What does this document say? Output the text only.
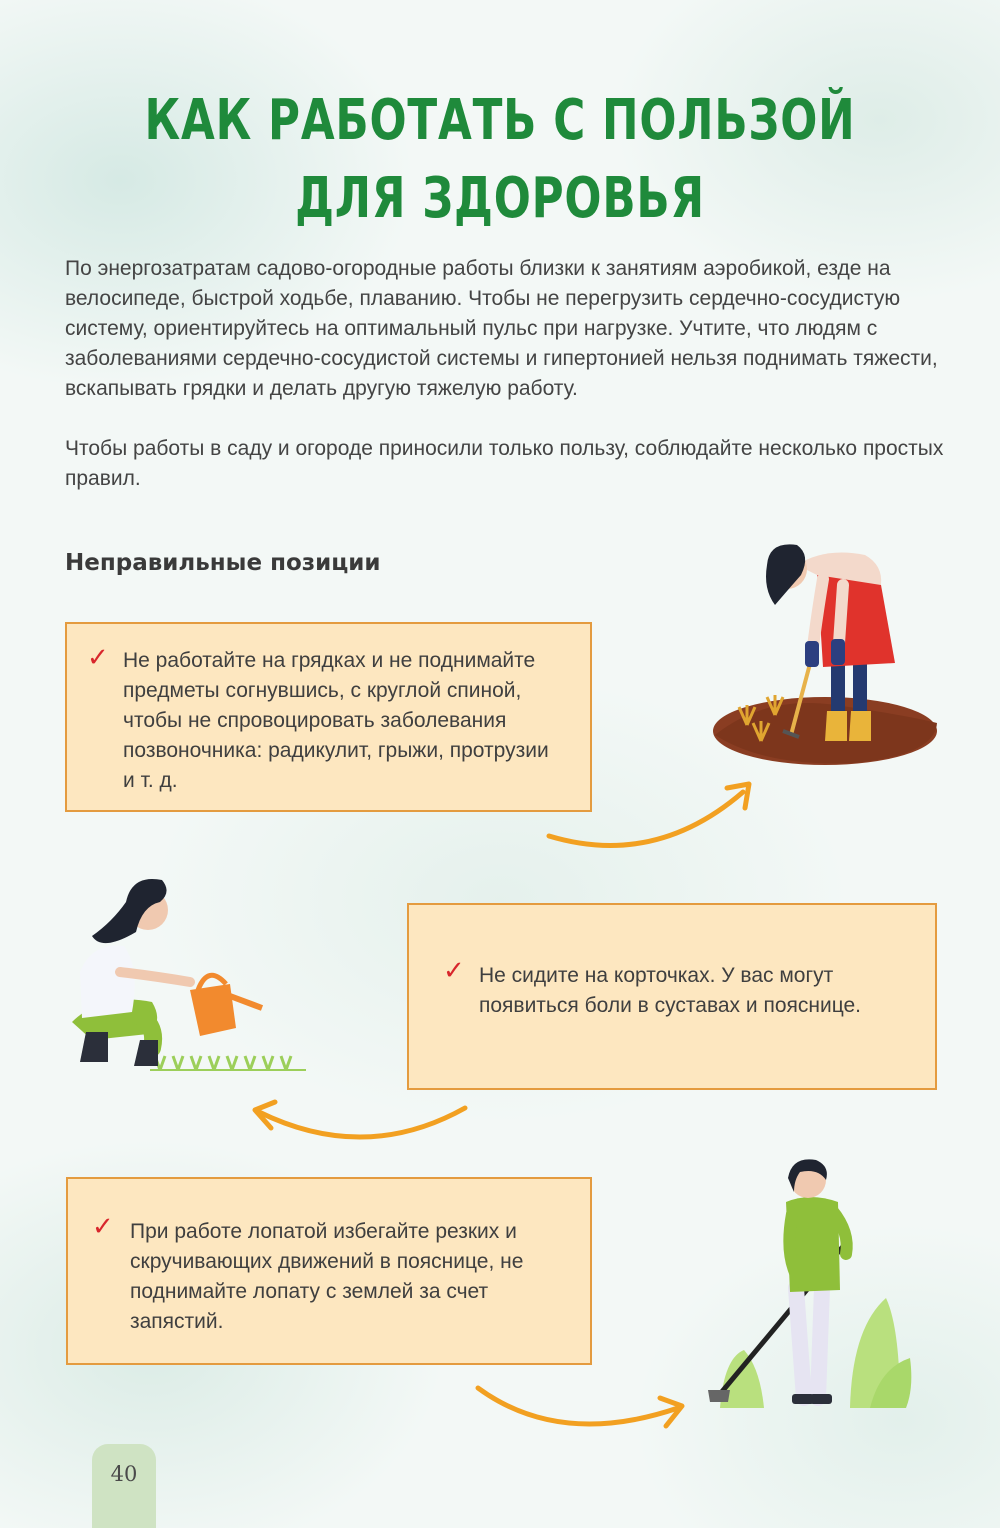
КАК РАБОТАТЬ С ПОЛЬЗОЙ
ДЛЯ ЗДОРОВЬЯ

По энергозатратам садово-огородные работы близки к занятиям аэробикой, езде на велосипеде, быстрой ходьбе, плаванию. Чтобы не перегрузить сердечно-сосудистую систему, ориентируйтесь на оптимальный пульс при нагрузке. Учтите, что людям с заболеваниями сердечно-сосудистой системы и гипертонией нельзя поднимать тяжести, вскапывать грядки и делать другую тяжелую работу.

Чтобы работы в саду и огороде приносили только пользу, соблюдайте несколько простых правил.

Неправильные позиции
✓ Не работайте на грядках и не поднимайте предметы согнувшись, с круглой спиной, чтобы не спровоцировать заболевания позвоночника: радикулит, грыжи, протрузии и т. д.

✓ Не сидите на корточках. У вас могут появиться боли в суставах и пояснице.

✓ При работе лопатой избегайте резких и скручивающих движений в пояснице, не поднимайте лопату с землей за счет запястий.

40
